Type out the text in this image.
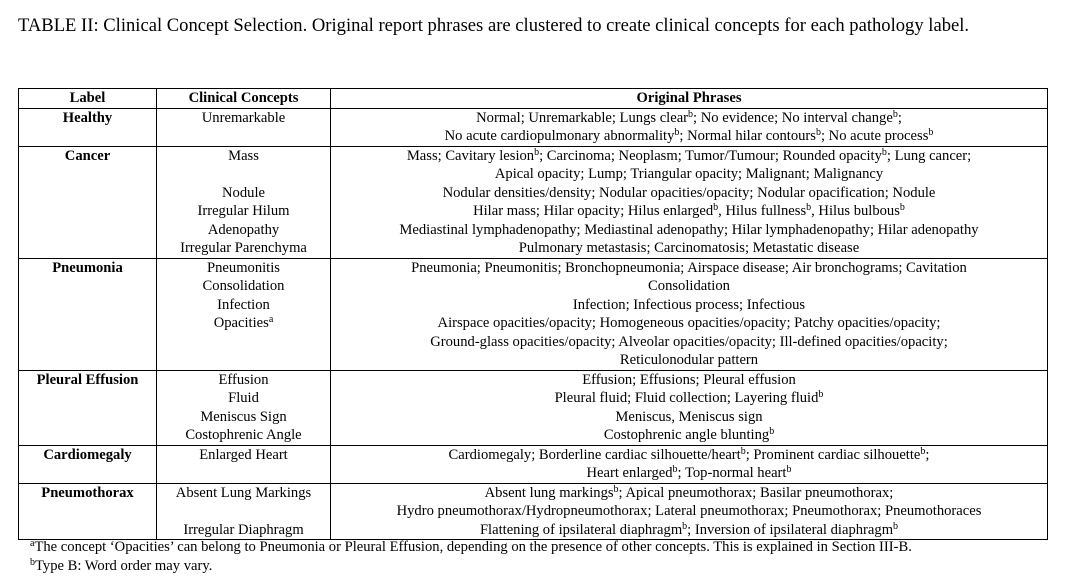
TABLE II: Clinical Concept Selection. Original report phrases are clustered to create clinical concepts for each pathology label.
Label	Clinical Concepts	Original Phrases
Healthy	Unremarkable	Normal; Unremarkable; Lungs clear$^b$; No evidence; No interval change$^b$;
No acute cardiopulmonary abnormality$^b$; Normal hilar contours$^b$; No acute process$^b$
Cancer	Mass	Mass; Cavitary lesion$^b$; Carcinoma; Neoplasm; Tumor/Tumour; Rounded opacity$^b$; Lung cancer;
Apical opacity; Lump; Triangular opacity; Malignant; Malignancy
	Nodule	Nodular densities/density; Nodular opacities/opacity; Nodular opacification; Nodule
	Irregular Hilum	Hilar mass; Hilar opacity; Hilus enlarged$^b$, Hilus fullness$^b$, Hilus bulbous$^b$
	Adenopathy	Mediastinal lymphadenopathy; Mediastinal adenopathy; Hilar lymphadenopathy; Hilar adenopathy
	Irregular Parenchyma	Pulmonary metastasis; Carcinomatosis; Metastatic disease
Pneumonia	Pneumonitis	Pneumonia; Pneumonitis; Bronchopneumonia; Airspace disease; Air bronchograms; Cavitation
	Consolidation	Consolidation
	Infection	Infection; Infectious process; Infectious
	Opacities$^a$	Airspace opacities/opacity; Homogeneous opacities/opacity; Patchy opacities/opacity;
Ground-glass opacities/opacity; Alveolar opacities/opacity; Ill-defined opacities/opacity;
Reticulonodular pattern
Pleural Effusion	Effusion	Effusion; Effusions; Pleural effusion
	Fluid	Pleural fluid; Fluid collection; Layering fluid$^b$
	Meniscus Sign	Meniscus, Meniscus sign
	Costophrenic Angle	Costophrenic angle blunting$^b$
Cardiomegaly	Enlarged Heart	Cardiomegaly; Borderline cardiac silhouette/heart$^b$; Prominent cardiac silhouette$^b$;
Heart enlarged$^b$; Top-normal heart$^b$
Pneumothorax	Absent Lung Markings	Absent lung markings$^b$; Apical pneumothorax; Basilar pneumothorax;
Hydro pneumothorax/Hydropneumothorax; Lateral pneumothorax; Pneumothorax; Pneumothoraces
	Irregular Diaphragm	Flattening of ipsilateral diaphragm$^b$; Inversion of ipsilateral diaphragm$^b$
$^a$The concept ‘Opacities’ can belong to Pneumonia or Pleural Effusion, depending on the presence of other concepts. This is explained in Section III-B.
$^b$Type B: Word order may vary.
